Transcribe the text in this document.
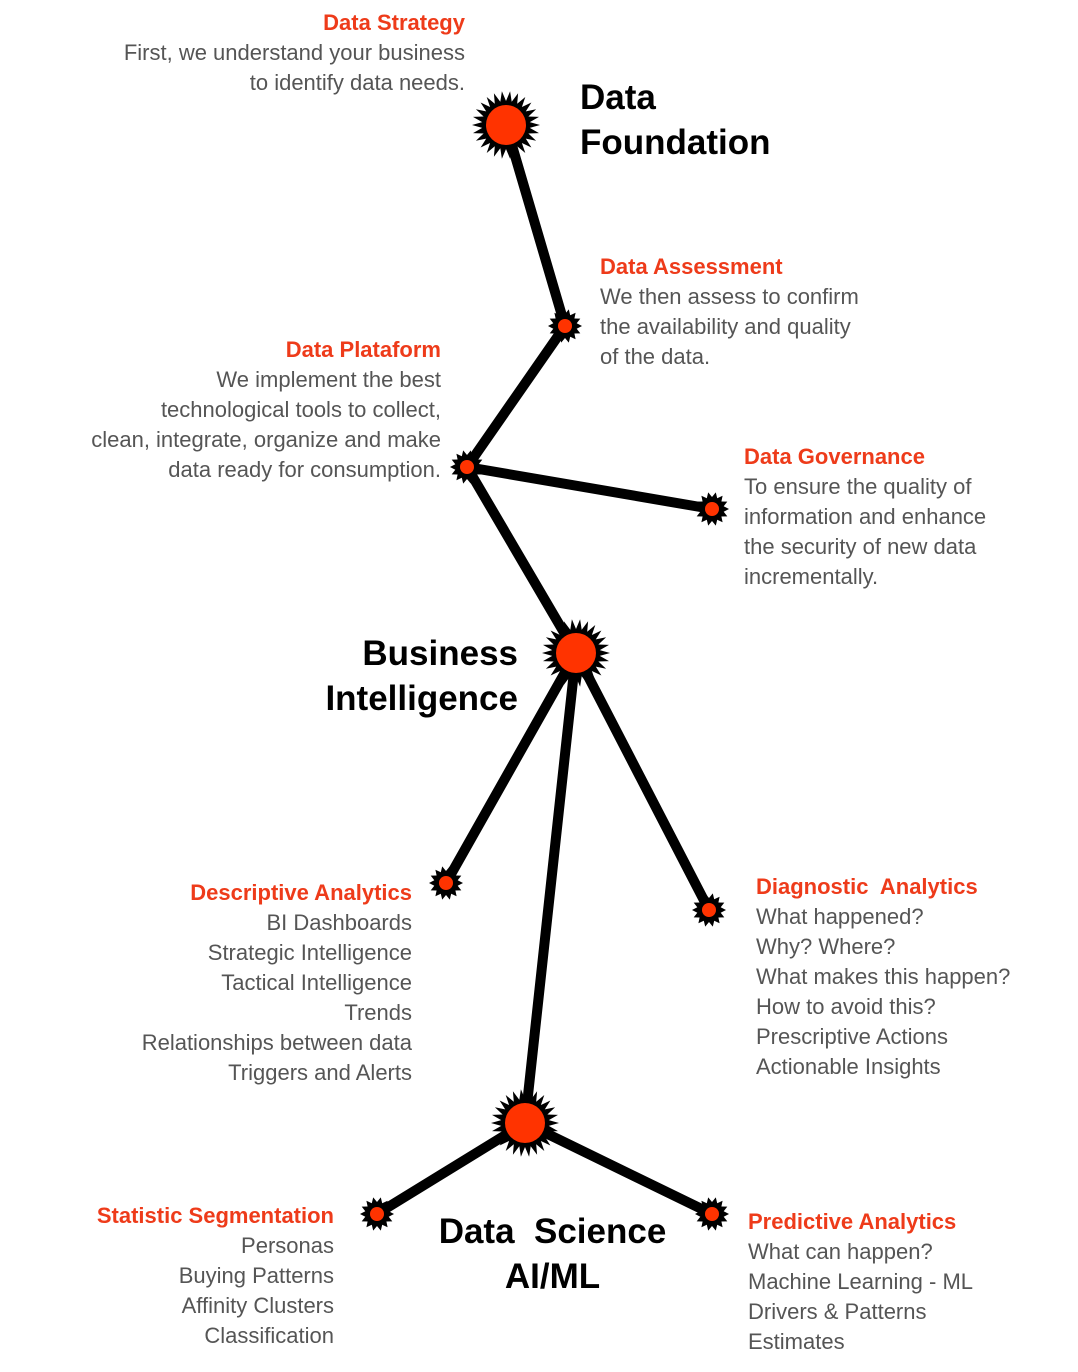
Data
Foundation
Business
Intelligence
Data  Science
AI/ML
Data Strategy
First, we understand your business
to identify data needs.
Data Assessment
We then assess to confirm
the availability and quality
of the data.
Data Plataform
We implement the best
technological tools to collect,
clean, integrate, organize and make
data ready for consumption.
Data Governance
To ensure the quality of
information and enhance
the security of new data
incrementally.
Descriptive Analytics
BI Dashboards
Strategic Intelligence
Tactical Intelligence
Trends
Relationships between data
Triggers and Alerts
Diagnostic  Analytics
What happened?
Why? Where?
What makes this happen?
How to avoid this?
Prescriptive Actions
Actionable Insights
Statistic Segmentation
Personas
Buying Patterns
Affinity Clusters
Classification
Predictive Analytics
What can happen?
Machine Learning - ML
Drivers & Patterns
Estimates
